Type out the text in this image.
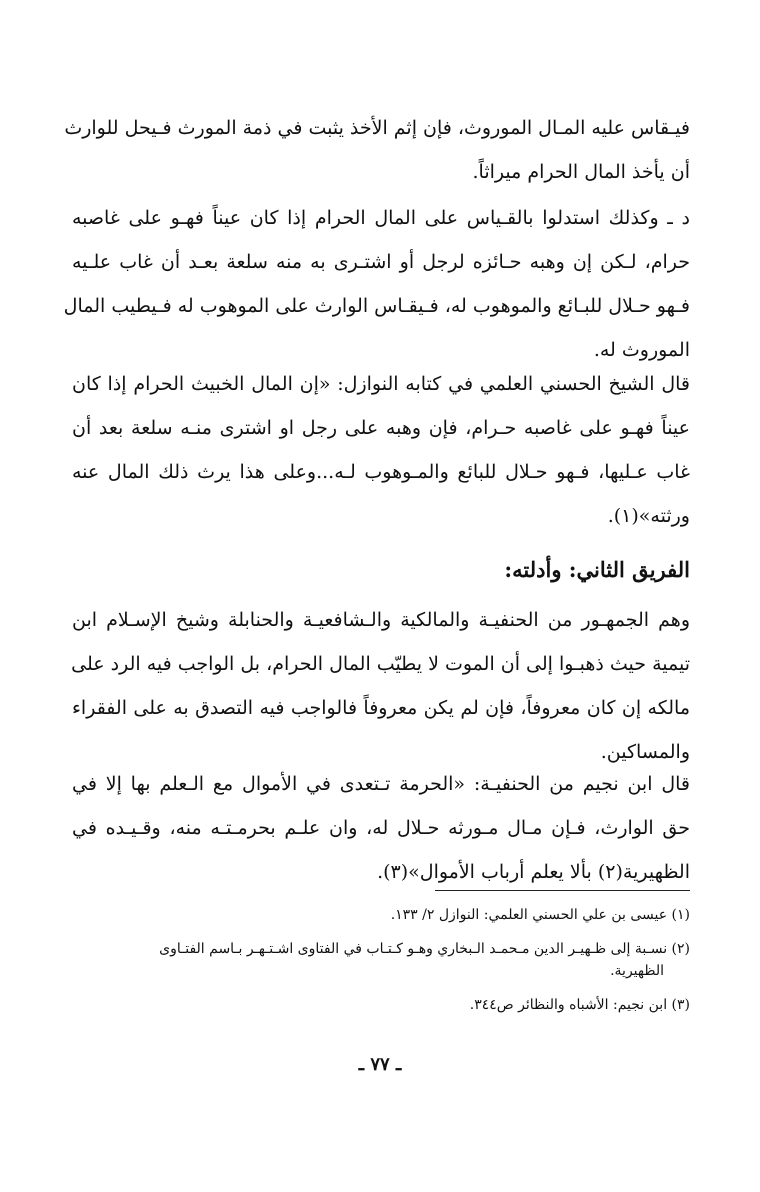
فيـقاس عليه المـال الموروث، فإن إثم الأخذ يثبت في ذمة المورث فـيحل للوارث
أن يأخذ المال الحرام ميراثاً.
د ـ وكذلك استدلوا بالقـياس على المال الحرام إذا كان عيناً فهـو على غاصبه
حرام، لـكن إن وهبه حـائزه لرجل أو اشتـرى به منه سلعة بعـد أن غاب علـيه
فـهو حـلال للبـائع والموهوب له، فـيقـاس الوارث على الموهوب له فـيطيب المال
الموروث له.
قال الشيخ الحسني العلمي في كتابه النوازل: «إن المال الخبيث الحرام إذا كان
عيناً فهـو على غاصبه حـرام، فإن وهبه على رجل او اشترى منـه سلعة بعد أن
غاب عـليها، فـهو حـلال للبائع والمـوهوب لـه...وعلى هذا يرث ذلك المال عنه
ورثته»(١).
الفريق الثاني: وأدلته:
وهم الجمهـور من الحنفيـة والمالكية والـشافعيـة والحنابلة وشيخ الإسـلام ابن
تيمية حيث ذهبـوا إلى أن الموت لا يطيّب المال الحرام، بل الواجب فيه الرد على
مالكه إن كان معروفاً، فإن لم يكن معروفاً فالواجب فيه التصدق به على الفقراء
والمساكين.
قال ابن نجيم من الحنفيـة: «الحرمة تـتعدى في الأموال مع الـعلم بها إلا في
حق الوارث، فـإن مـال مـورثه حـلال له، وان علـم بحرمـتـه منه، وقـيـده في
الظهيرية(٢) بألا يعلم أرباب الأموال»(٣).
(١) عيسى بن علي الحسني العلمي: النوازل ٢/ ١٣٣.
(٢) نسـبة إلى ظـهيـر الدين مـحمـد الـبخاري وهـو كـتـاب في الفتاوى اشـتـهـر بـاسم الفتـاوى
الظهيرية.
(٣) ابن نجيم: الأشباه والنظائر ص٣٤٤.
ـ ٧٧ ـ
